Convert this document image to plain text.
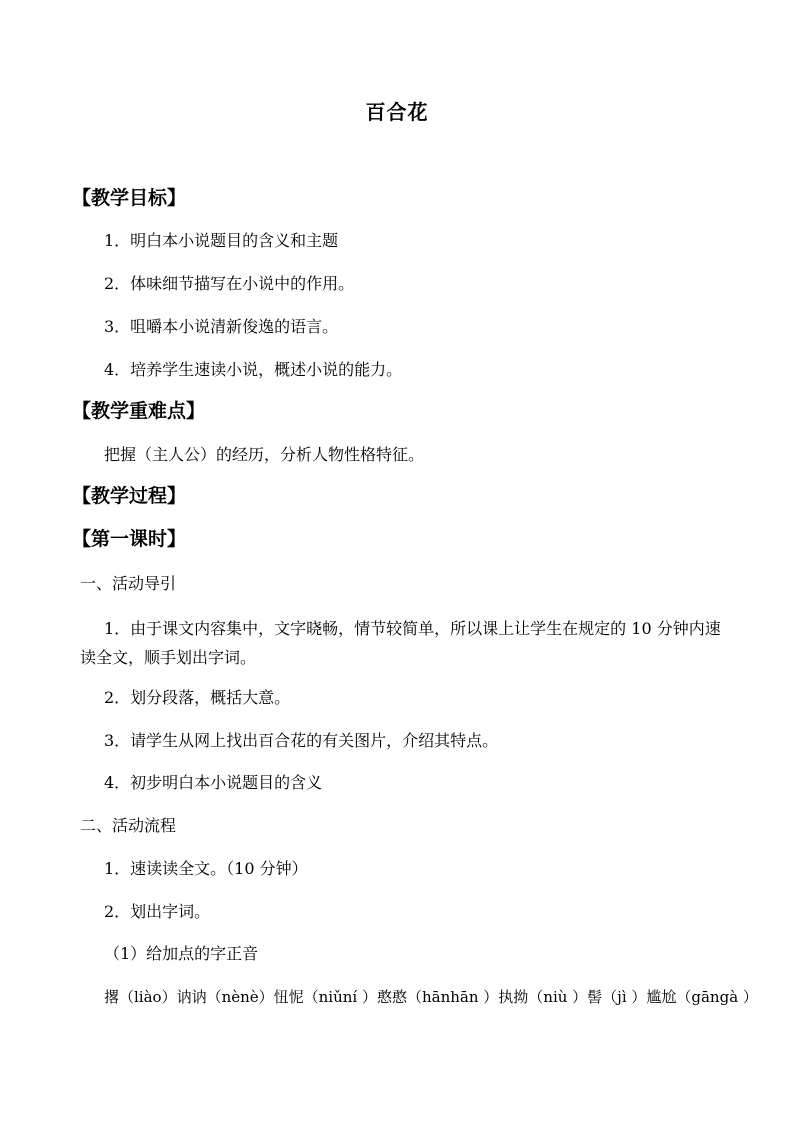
百合花
【教学目标】
1．明白本小说题目的含义和主题
2．体味细节描写在小说中的作用。
3．咀嚼本小说清新俊逸的语言。
4．培养学生速读小说，概述小说的能力。
【教学重难点】
把握（主人公）的经历，分析人物性格特征。
【教学过程】
【第一课时】
一、活动导引
1．由于课文内容集中，文字晓畅，情节较简单，所以课上让学生在规定的 10 分钟内速读全文，顺手划出字词。
2．划分段落，概括大意。
3．请学生从网上找出百合花的有关图片，介绍其特点。
4．初步明白本小说题目的含义
二、活动流程
1．速读读全文。（10 分钟）
2．划出字词。
（1）给加点的字正音
撂（liào）讷讷（nènè）忸怩（niǔní ）憨憨（hānhān ）执拗（niù ）髻（jì ）尴尬（gāngà ）
